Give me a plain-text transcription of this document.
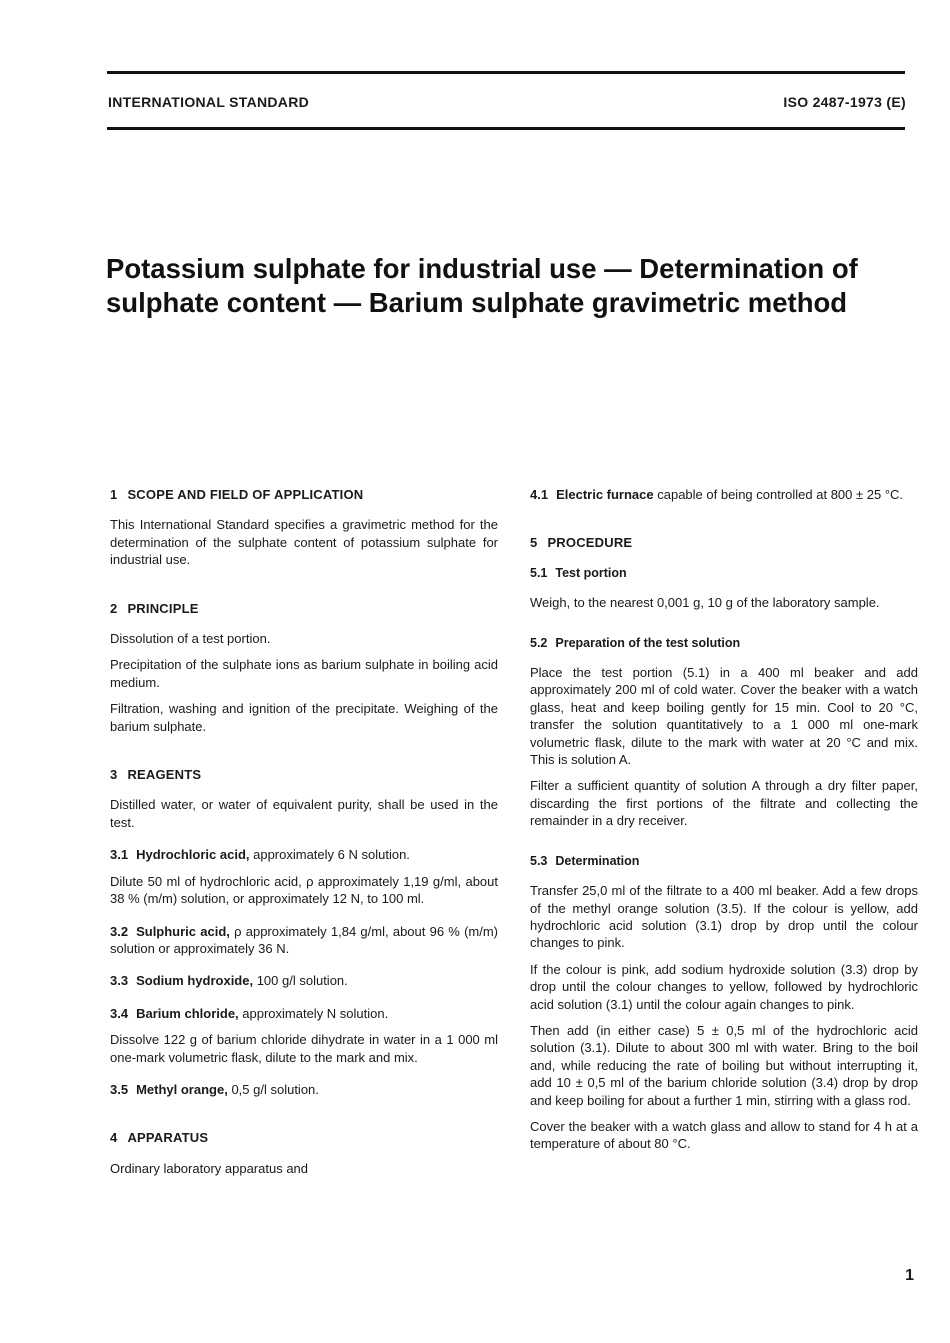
INTERNATIONAL STANDARD	ISO 2487-1973 (E)
Potassium sulphate for industrial use — Determination of sulphate content — Barium sulphate gravimetric method
1 SCOPE AND FIELD OF APPLICATION

This International Standard specifies a gravimetric method for the determination of the sulphate content of potassium sulphate for industrial use.

2 PRINCIPLE

Dissolution of a test portion.

Precipitation of the sulphate ions as barium sulphate in boiling acid medium.

Filtration, washing and ignition of the precipitate. Weighing of the barium sulphate.

3 REAGENTS

Distilled water, or water of equivalent purity, shall be used in the test.

3.1 Hydrochloric acid, approximately 6 N solution.

Dilute 50 ml of hydrochloric acid, ρ approximately 1,19 g/ml, about 38 % (m/m) solution, or approximately 12 N, to 100 ml.

3.2 Sulphuric acid, ρ approximately 1,84 g/ml, about 96 % (m/m) solution or approximately 36 N.

3.3 Sodium hydroxide, 100 g/l solution.

3.4 Barium chloride, approximately N solution.

Dissolve 122 g of barium chloride dihydrate in water in a 1 000 ml one-mark volumetric flask, dilute to the mark and mix.

3.5 Methyl orange, 0,5 g/l solution.

4 APPARATUS

Ordinary laboratory apparatus and

4.1 Electric furnace capable of being controlled at 800 ± 25 °C.

5 PROCEDURE
5.1 Test portion

Weigh, to the nearest 0,001 g, 10 g of the laboratory sample.

5.2 Preparation of the test solution

Place the test portion (5.1) in a 400 ml beaker and add approximately 200 ml of cold water. Cover the beaker with a watch glass, heat and keep boiling gently for 15 min. Cool to 20 °C, transfer the solution quantitatively to a 1 000 ml one-mark volumetric flask, dilute to the mark with water at 20 °C and mix. This is solution A.

Filter a sufficient quantity of solution A through a dry filter paper, discarding the first portions of the filtrate and collecting the remainder in a dry receiver.

5.3 Determination

Transfer 25,0 ml of the filtrate to a 400 ml beaker. Add a few drops of the methyl orange solution (3.5). If the colour is yellow, add hydrochloric acid solution (3.1) drop by drop until the colour changes to pink.

If the colour is pink, add sodium hydroxide solution (3.3) drop by drop until the colour changes to yellow, followed by hydrochloric acid solution (3.1) until the colour again changes to pink.

Then add (in either case) 5 ± 0,5 ml of the hydrochloric acid solution (3.1). Dilute to about 300 ml with water. Bring to the boil and, while reducing the rate of boiling but without interrupting it, add 10 ± 0,5 ml of the barium chloride solution (3.4) drop by drop and keep boiling for about a further 1 min, stirring with a glass rod.

Cover the beaker with a watch glass and allow to stand for 4 h at a temperature of about 80 °C.

1
